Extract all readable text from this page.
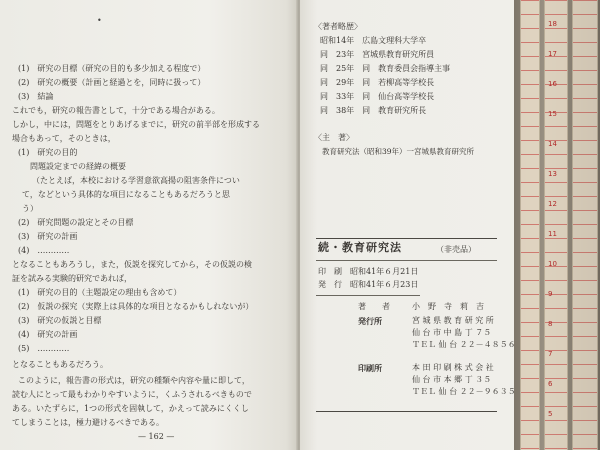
18
17
16
15
14
13
12
11
10
9
8
7
6
5
•
(1)　研究の目標（研究の目的も多少加える程度で）
(2)　研究の概要（計画と経過とを，同時に扱って）
(3)　結論
これでも，研究の報告書として，十分である場合がある。
しかし，中には，問題をとりあげるまでに，研究の前半部を形成する
場合もあって，そのときは，
(1)　研究の目的
　問題設定までの経緯の概要
（たとえば，本校における学習意欲高揚の阻害条件につい
て，などという具体的な項目になることもあるだろうと思
う）
(2)　研究問題の設定とその目標
(3)　研究の計画
(4)　…………
となることもあろうし，また，仮説を探究してから，その仮説の検
証を試みる実験的研究であれば，
(1)　研究の目的（主題設定の理由も含めて）
(2)　仮説の探究（実際上は具体的な項目となるかもしれないが）
(3)　研究の仮説と目標
(4)　研究の計画
(5)　…………
となることもあるだろう。
このように，報告書の形式は，研究の種類や内容や量に即して，
読む人にとって最もわかりやすいように，くふうされるべきもので
ある。いたずらに，1つの形式を固執して，かえって読みにくくし
てしまうことは，極力避けるべきである。
— 162 —
〈著者略歴〉
昭和14年　広島文理科大学卒
同　23年　宮城県教育研究所員
同　25年　同　教育委員会指導主事
同　29年　同　若柳高等学校長
同　33年　同　仙台高等学校長
同　38年　同　教育研究所長
〈主　著〉
教育研究法（昭和39年）一宮城県教育研究所
続・教育研究法	（非売品）
印　刷 昭和41年６月21日
発　行 昭和41年６月23日
著　　者	小　野　寺　莉　吉
発行所	宮 城 県 教 育 研 究 所
仙 台 市 中 島 丁 ７５
ＴＥＬ 仙 台 ２２－４８５６
印刷所	本 田 印 刷 株 式 会 社
仙 台 市 本 郷 丁 ３５
ＴＥＬ 仙 台 ２２－９６３５
